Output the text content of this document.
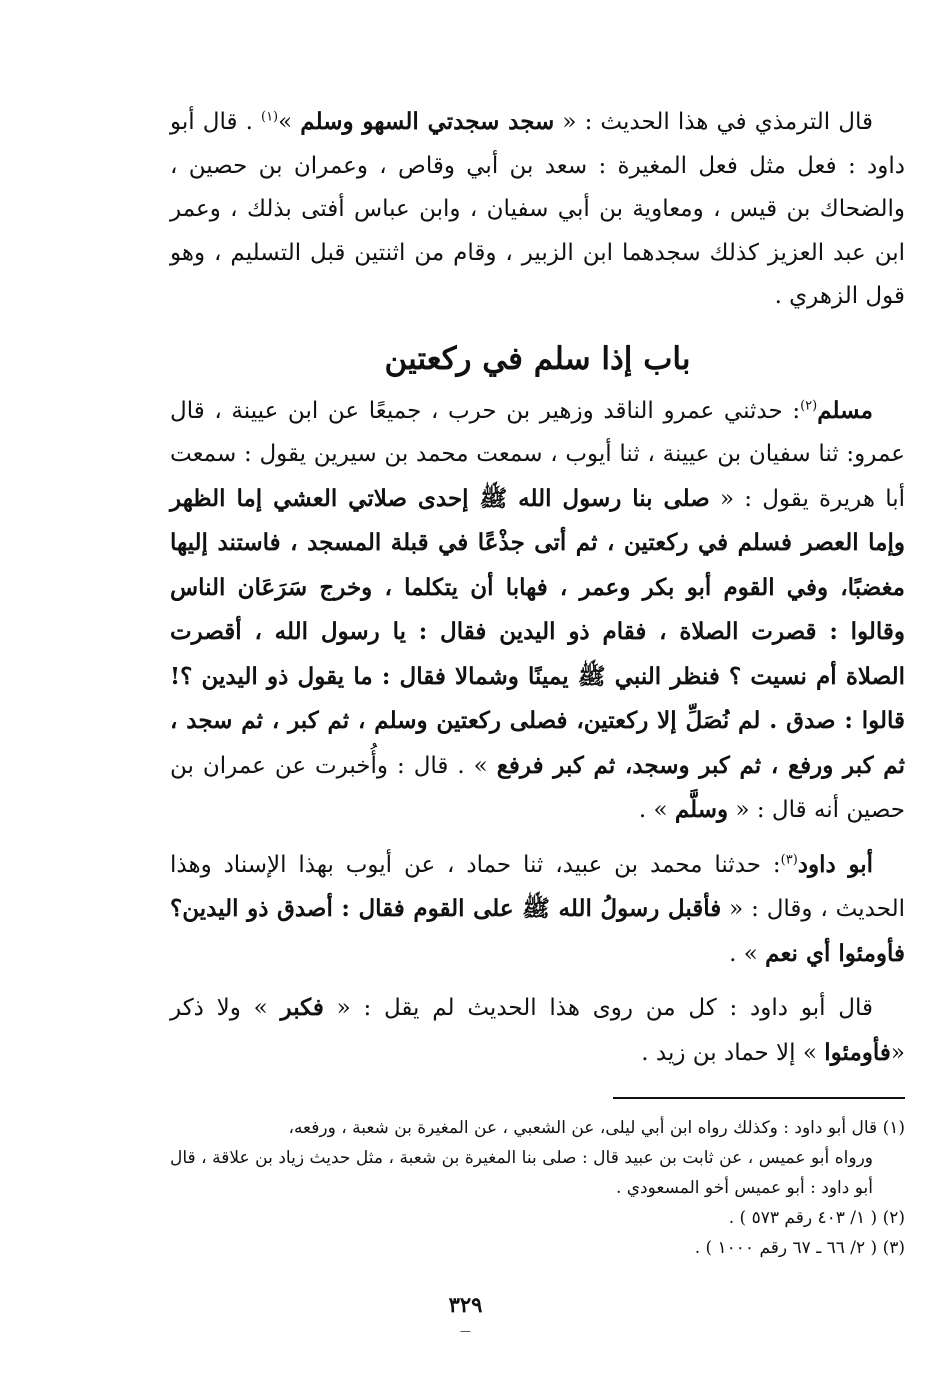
قال الترمذي في هذا الحديث : « سجد سجدتي السهو وسلم »$^{(١)}$ . قال أبو داود : فعل مثل فعل المغيرة : سعد بن أبي وقاص ، وعمران بن حصين ، والضحاك بن قيس ، ومعاوية بن أبي سفيان ، وابن عباس أفتى بذلك ، وعمر ابن عبد العزيز كذلك سجدهما ابن الزبير ، وقام من اثنتين قبل التسليم ، وهو قول الزهري .

باب إذا سلم في ركعتين

مسلم$^{(٢)}$: حدثني عمرو الناقد وزهير بن حرب ، جميعًا عن ابن عيينة ، قال عمرو: ثنا سفيان بن عيينة ، ثنا أيوب ، سمعت محمد بن سيرين يقول : سمعت أبا هريرة يقول : « صلى بنا رسول الله ﷺ إحدى صلاتي العشي إما الظهر وإما العصر فسلم في ركعتين ، ثم أتى جذْعًا في قبلة المسجد ، فاستند إليها مغضبًا، وفي القوم أبو بكر وعمر ، فهابا أن يتكلما ، وخرج سَرَعَان الناس وقالوا : قصرت الصلاة ، فقام ذو اليدين فقال : يا رسول الله ، أقصرت الصلاة أم نسيت ؟ فنظر النبي ﷺ يمينًا وشمالا فقال : ما يقول ذو اليدين ؟! قالوا : صدق . لم نُصَلِّ إلا ركعتين، فصلى ركعتين وسلم ، ثم كبر ، ثم سجد ، ثم كبر ورفع ، ثم كبر وسجد، ثم كبر فرفع » . قال : وأُخبرت عن عمران بن حصين أنه قال : « وسلَّم » .

أبو داود$^{(٣)}$: حدثنا محمد بن عبيد، ثنا حماد ، عن أيوب بهذا الإسناد وهذا الحديث ، وقال : « فأقبل رسولُ الله ﷺ على القوم فقال : أصدق ذو اليدين؟ فأومئوا أي نعم » .

قال أبو داود : كل من روى هذا الحديث لم يقل : « فكبر » ولا ذكر «فأومئوا » إلا حماد بن زيد .

(١) قال أبو داود : وكذلك رواه ابن أبي ليلى، عن الشعبي ، عن المغيرة بن شعبة ، ورفعه،

ورواه أبو عميس ، عن ثابت بن عبيد قال : صلى بنا المغيرة بن شعبة ، مثل حديث زياد بن علاقة ، قال أبو داود : أبو عميس أخو المسعودي .

(٢) ( ١/ ٤٠٣ رقم ٥٧٣ ) .

(٣) ( ٢/ ٦٦ ـ ٦٧ رقم ١٠٠٠ ) .

٣٢٩
ـــ
